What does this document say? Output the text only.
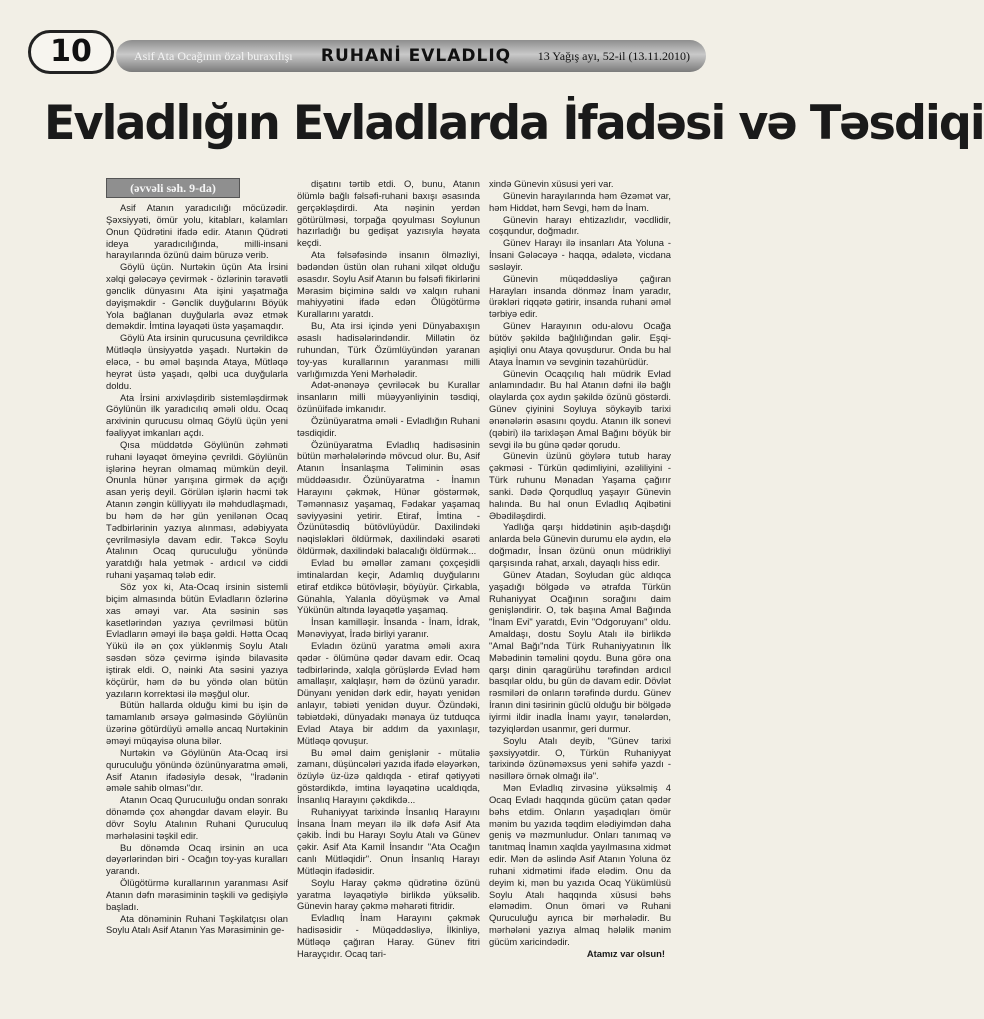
10	Asif Ata Ocağının özəl buraxılışı	RUHANİ EVLADLIQ	13 Yağış ayı, 52-il (13.11.2010)
Evladlığın Evladlarda İfadəsi və Təsdiqi
(əvvəli səh. 9-da)

Asif Atanın yaradıcılığı möcüzədir. Şəxsiyyəti, ömür yolu, kitabları, kəlamları Onun Qüdrətini ifadə edir. Atanın Qüdrəti ideya yaradıcılığında, milli-insani harayılarında özünü daim büruzə verib.

Göylü üçün. Nurtəkin üçün Ata İrsini xəlqi gələcəyə çevirmək - özlərinin təravətli gənclik dünyasını Ata işini yaşatmağa dəyişməkdir - Gənclik duyğularını Böyük Yola bağlanan duyğularla əvəz etmək deməkdir. İmtina ləyaqəti üstə yaşamaqdır.

Göylü Ata irsinin qurucusuna çevrildikcə Mütləqlə ünsiyyətdə yaşadı. Nurtəkin də eləcə, - bu əməl başında Ataya, Mütləqə heyrət üstə yaşadı, qəlbi uca duyğularla doldu.

Ata İrsini arxivləşdirib sistemləşdirmək Göylünün ilk yaradıcılıq əməli oldu. Ocaq arxivinin qurucusu olmaq Göylü üçün yeni fəaliyyət imkanları açdı.

Qısa müddətdə Göylünün zəhməti ruhani ləyaqət ömeyinə çevrildi. Göylünün işlərinə heyran olmamaq mümkün deyil. Onunla hünər yarışına girmək də açığı asan yeriş deyil. Görülən işlərin həcmi tək Atanın zəngin külliyyatı ilə məhdudlaşmadı, bu həm də hər gün yenilənən Ocaq Tədbirlərinin yazıya alınması, ədəbiyyata çevrilməsiylə davam edir. Təkcə Soylu Atalının Ocaq quruculuğu yönündə yaratdığı hala yetmək - ardıcıl və ciddi ruhani yaşamaq tələb edir.

Söz yox ki, Ata-Ocaq irsinin sistemli biçim almasında bütün Evladların özlərinə xas əməyi var. Ata səsinin səs kasetlərindən yazıya çevrilməsi bütün Evladların əməyi ilə başa gəldi. Hətta Ocaq Yükü ilə ən çox yüklənmiş Soylu Atalı səsdən sözə çevirmə işində bilavasitə iştirak eldi. O, nəinki Ata səsini yazıya köçürür, həm də bu yöndə olan bütün yazıların korrektəsi ilə məşğul olur.

Bütün hallarda olduğu kimi bu işin də tamamlanıb ərsəyə gəlməsində Göylünün üzərinə götürdüyü əməllə ancaq Nurtəkinin əməyi müqayisə oluna bilər.

Nurtəkin və Göylünün Ata-Ocaq irsi quruculuğu yönündə özününyaratma əməli, Asif Atanın ifadəsiylə desək, "İradənin əməle sahib olması"dır.

Atanın Ocaq Qurucuıluğu ondan sonrakı dönəmdə çox ahəngdar davam eləyir. Bu dövr Soylu Atalının Ruhani Quruculuq mərhələsini təşkil edir.

Bu dönəmdə Ocaq irsinin ən uca dəyərlərindən biri - Ocağın toy-yas kuralları yarandı.

Ölügötürmə kurallarının yaranması Asif Atanın dəfn mərasiminin təşkili və gedişiylə başladı.

Ata dönəminin Ruhani Təşkilatçısı olan Soylu Atalı Asif Atanın Yas Mərasiminin ge-

dişatını tərtib etdi. O, bunu, Atanın ölümlə bağlı fəlsəfi-ruhani baxışı əsasında gerçəkləşdirdi. Ata nəşinin yerdən götürülməsi, torpağa qoyulması Soylunun hazırladığı bu gedişat yazısıyla həyata keçdi.

Ata fəlsəfəsində insanın ölməzliyi, bədəndən üstün olan ruhani xilqət olduğu əsasdır. Soylu Asif Atanın bu fəlsəfi fikirlərini Mərasim biçiminə saldı və xalqın ruhani mahiyyətini ifadə edən Ölügötürmə Kurallarını yaratdı.

Bu, Ata irsi içində yeni Dünyabaxışın əsaslı hadisələrindəndir. Millətin öz ruhundan, Türk Özümlüyündən yaranan toy-yas kurallarının yaranması milli varlığımızda Yeni Mərhələdir.

Adət-ənənəyə çevriləcək bu Kurallar insanların milli müəyyənliyinin təsdiqi, özünüifadə imkanıdır.

Özünüyaratma əməli - Evladlığın Ruhani təsdiqidir.

Özünüyaratma Evladlıq hadisəsinin bütün mərhələlərində mövcud olur. Bu, Asif Atanın İnsanlaşma Təliminin əsas müddəasıdır. Özünüyaratma - İnamın Harayını çəkmək, Hünər göstərmək, Təmənnasız yaşamaq, Fədakar yaşamaq səviyyəsini yetirir. Etiraf, İmtina - Özünütəsdiq bütövlüyüdür. Daxilindəki nəqisləkləri öldürmək, daxilindəki əsarəti öldürmək, daxilindəki balacalığı öldürmək...

Evlad bu əməllər zamanı çoxçeşidli imtinalardan keçir, Adamlıq duyğularını etiraf etdikcə bütövləşir, böyüyür. Çirkabla, Günahla, Yalanla döyüşmək və Amal Yükünün altında ləyaqətlə yaşamaq.

İnsan kamilləşir. İnsanda - İnam, İdrak, Mənəviyyat, İradə birliyi yaranır.

Evladın özünü yaratma əməli axıra qədər - ölümünə qədər davam edir. Ocaq tədbirlərində, xalqla görüşlərdə Evlad həm amallaşır, xalqlaşır, həm də özünü yaradır. Dünyanı yenidən dərk edir, həyatı yenidən anlayır, təbiəti yenidən duyur. Özündəki, təbiətdəki, dünyadakı mənaya üz tutduqca Evlad Ataya bir addım da yaxınlaşır, Mütləqə qovuşur.

Bu əməl daim genişlənir - mütaliə zamanı, düşüncələri yazıda ifadə eləyərkən, özüylə üz-üzə qaldıqda - etiraf qətiyyəti göstərdikdə, imtina ləyaqətinə ucaldıqda, İnsanlıq Harayını çəkdikdə...

Ruhaniyyat tarixində İnsanlıq Harayını İnsana İnam meyarı ilə ilk dəfə Asif Ata çəkib. İndi bu Harayı Soylu Atalı və Günev çəkir. Asif Ata Kamil İnsandır "Ata Ocağın canlı Mütləqidir". Onun İnsanlıq Harayı Mütləqin ifadəsidir.

Soylu Haray çəkmə qüdrətinə özünü yaratma ləyaqətiylə birlikdə yüksəlib. Günevin haray çəkmə məharəti fitridir.

Evladlıq İnam Harayını çəkmək hadisəsidir - Müqəddəsliyə, İlkinliyə, Mütləqə çağıran Haray. Günev fitri Harayçıdır. Ocaq tari-

xində Günevin xüsusi yeri var.

Günevin harayılarında həm Əzəmət var, həm Hiddət, həm Sevgi, həm də İnam.

Günevin harayı ehtizazlıdır, vəcdlidir, coşqundur, doğmadır.

Günev Harayı ilə insanları Ata Yoluna - İnsani Gələcəyə - haqqa, ədalətə, vicdana səsləyir.

Günevin müqəddəsliyə çağıran Harayları insanda dönməz İnam yaradır, ürəkləri riqqətə gətirir, insanda ruhani əməl tərbiyə edir.

Günev Harayının odu-alovu Ocağa bütöv şəkildə bağlılığından gəlir. Eşqi-aşiqliyi onu Ataya qovuşdurur. Onda bu hal Ataya İnamın və sevginin təzahürüdür.

Günevin Ocaqçılıq halı müdrik Evlad anlamındadır. Bu hal Atanın dəfni ilə bağlı olaylarda çox aydın şəkildə özünü göstərdi. Günev çiyinini Soyluya söykəyib tarixi ənənələrin əsasını qoydu. Atanın ilk sonevi (qəbiri) ilə tarixləşən Amal Bağını böyük bir sevgi ilə bu günə qədər qorudu.

Günevin üzünü göylərə tutub haray çəkməsi - Türkün qədimliyini, əzəliliyini - Türk ruhunu Mənadan Yaşama çağırır sanki. Dədə Qorqudluq yaşayır Günevin halında. Bu hal onun Evladlıq Aqibətini Əbədiləşdirdi.

Yadlığa qarşı hiddətinin aşıb-daşdığı anlarda belə Günevin durumu elə aydın, elə doğmadır, İnsan özünü onun müdrikliyi qarşısında rahat, arxalı, dayaqlı hiss edir.

Günev Atadan, Soyludan güc aldıqca yaşadığı bölgədə və ətrafda Türkün Ruhaniyyat Ocağının sorağını daim genişləndirir. O, tək başına Amal Bağında "İnam Evi" yaratdı, Evin "Odgoruyanı" oldu. Amaldaşı, dostu Soylu Atalı ilə birlikdə "Amal Bağı"nda Türk Ruhaniyyatının İlk Məbədinin təməlini qoydu. Buna görə ona qarşı dinin qaragürühu tərəfindən ardıcıl basqılar oldu, bu gün də davam edir. Dövlət rəsmiləri də onların tərəfində durdu. Günev İranın dini təsirinin güclü olduğu bir bölgədə iyirmi ildir inadla İnamı yayır, tənələrdən, təzyiqlərdən usanmır, geri durmur.

Soylu Atalı deyib, "Günev tarixi şəxsiyyətdir. O, Türkün Ruhaniyyat tarixində özünəməxsus yeni səhifə yazdı - nəsillərə örnək olmağı ilə".

Mən Evladlıq zirvəsinə yüksəlmiş 4 Ocaq Evladı haqqında gücüm çatan qədər bəhs etdim. Onların yaşadıqları ömür mənim bu yazıda təqdim elədiyimdən daha geniş və məzmunludur. Onları tanımaq və tanıtmaq İnamın xaqlda yayılmasına xidmət edir. Mən də əslində Asif Atanın Yoluna öz ruhani xidmətimi ifadə elədim. Onu da deyim ki, mən bu yazıda Ocaq Yükümlüsü Soylu Atalı haqqında xüsusi bəhs eləmədim. Onun öməri və Ruhani Quruculuğu ayrıca bir mərhələdir. Bu mərhələni yazıya almaq hələlik mənim gücüm xaricindədir.

Atamız var olsun!
